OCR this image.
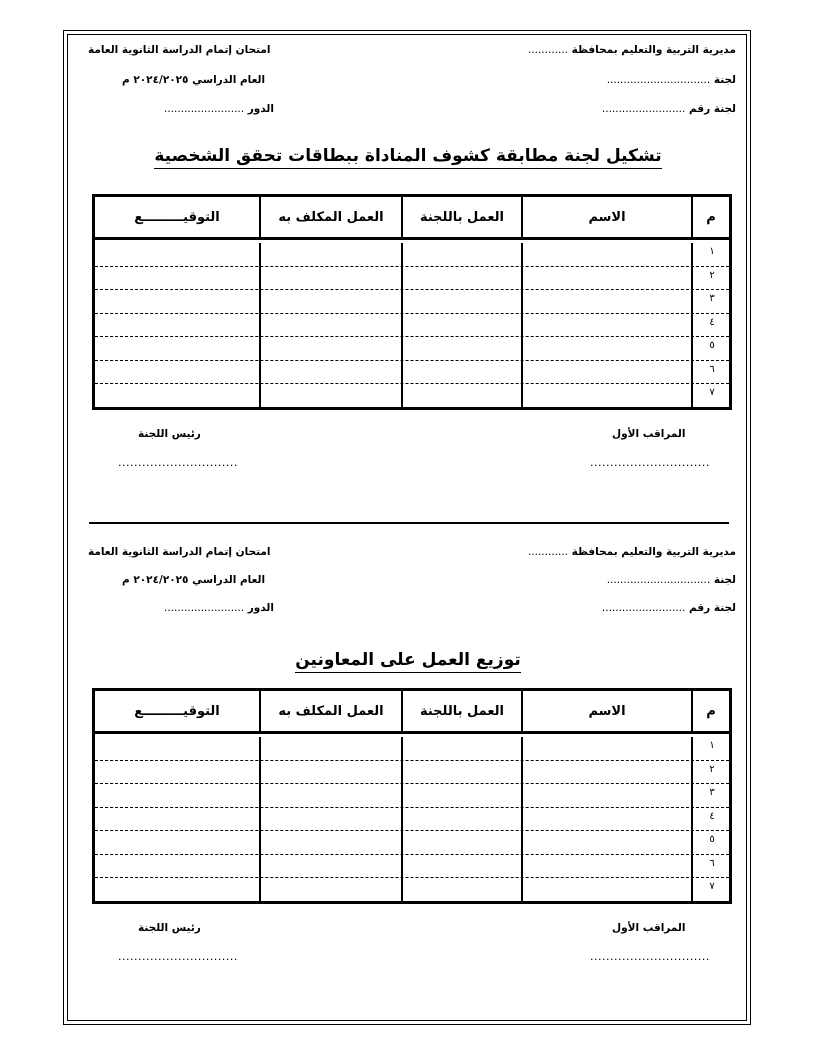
مديرية التربية والتعليم بمحافظة ............
امتحان إتمام الدراسة الثانوية العامة
لجنة ...............................
العام الدراسي ٢٠٢٤/٢٠٢٥ م
لجنة رقم .........................
الدور ........................
تشكيل لجنة مطابقة كشوف المناداة ببطاقات تحقق الشخصية
م
الاسم
العمل باللجنة
العمل المكلف به
التوقيـــــــــع
١
٢
٣
٤
٥
٦
٧
رئيس اللجنة
..............................
المراقب الأول
..............................
مديرية التربية والتعليم بمحافظة ............
امتحان إتمام الدراسة الثانوية العامة
لجنة ...............................
العام الدراسي ٢٠٢٤/٢٠٢٥ م
لجنة رقم .........................
الدور ........................
توزيع العمل على المعاونين
م
الاسم
العمل باللجنة
العمل المكلف به
التوقيـــــــــع
١
٢
٣
٤
٥
٦
٧
رئيس اللجنة
..............................
المراقب الأول
..............................
